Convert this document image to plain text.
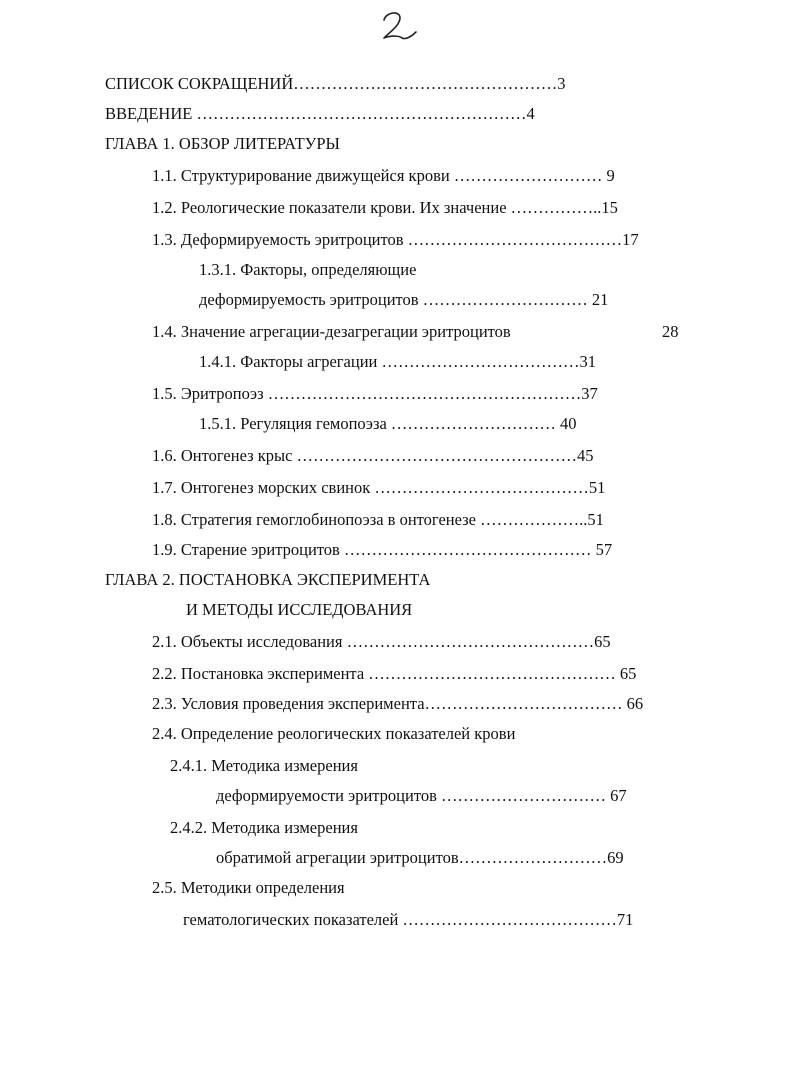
СПИСОК СОКРАЩЕНИЙ…………………………………………3
ВВЕДЕНИЕ ……………………………………………………4
ГЛАВА 1. ОБЗОР ЛИТЕРАТУРЫ
1.1. Структурирование движущейся крови ……………………… 9
1.2. Реологические показатели крови. Их значение ……………..15
1.3. Деформируемость эритроцитов …………………………………17
1.3.1. Факторы, определяющие
деформируемость эритроцитов ………………………… 21
1.4. Значение агрегации-дезагрегации эритроцитов	28
1.4.1. Факторы агрегации ………………………………31
1.5. Эритропоэз …………………………………………………37
1.5.1. Регуляция гемопоэза ………………………… 40
1.6. Онтогенез крыс ……………………………………………45
1.7. Онтогенез морских свинок …………………………………51
1.8. Стратегия гемоглобинопоэза в онтогенезе ………………..51
1.9. Старение эритроцитов ……………………………………… 57
ГЛАВА 2. ПОСТАНОВКА ЭКСПЕРИМЕНТА
И МЕТОДЫ ИССЛЕДОВАНИЯ
2.1. Объекты исследования ………………………………………65
2.2. Постановка эксперимента ……………………………………… 65
2.3. Условия проведения эксперимента……………………………… 66
2.4. Определение реологических показателей крови
2.4.1. Методика измерения
деформируемости эритроцитов ………………………… 67
2.4.2. Методика измерения
обратимой агрегации эритроцитов………………………69
2.5. Методики определения
гематологических показателей …………………………………71
